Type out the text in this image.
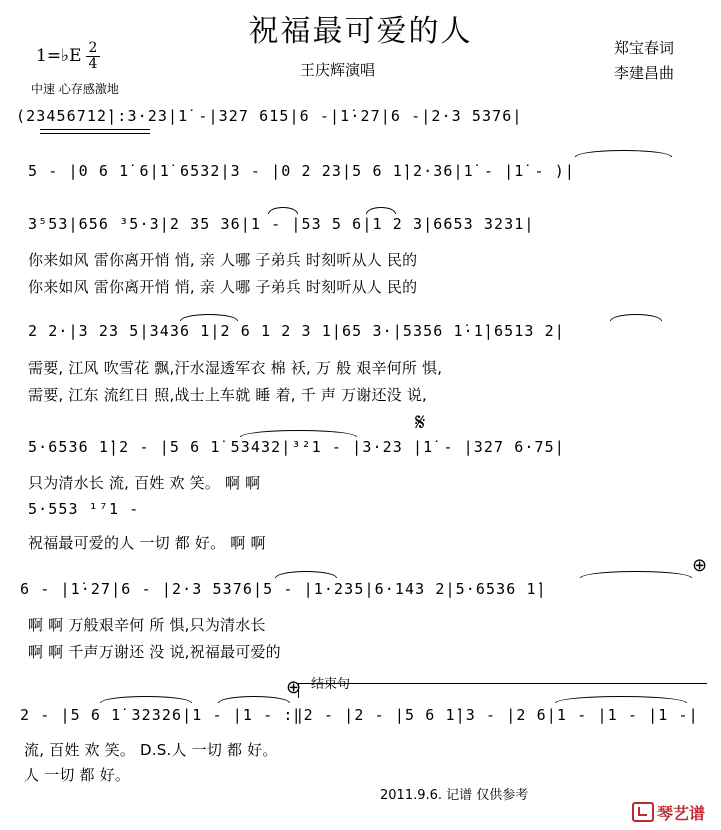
祝福最可爱的人
王庆辉演唱
郑宝春词
李建昌曲
1=♭E 2
4
中速 心存感激地
(2345671̇2̇|:3·23|1̇ -|327 615|6 -|1̇·27|6 -|2·3 5376|
5 - |0 6 1̇ 6|1̇ 6532|3 - |0 2 23|5 6 1̇|2·36|1̇ - |1̇ - )|
3⁵53|656 ³5·3|2 35 36|1 - |53 5 6|1 2 3|6653 3231|
你来如风 雷你离开悄 悄, 亲 人哪 子弟兵 时刻听从人 民的
你来如风 雷你离开悄 悄, 亲 人哪 子弟兵 时刻听从人 民的
2 2·|3 23 5|3436 1|2 6 1 2 3 1|65 3·|5356 1̇·1̇|6513 2|
需要, 江风 吹雪花 飘,汗水湿透军衣 棉 袄, 万 般 艰辛何所 惧,
需要, 江东 流红日 照,战士上车就 睡 着, 千 声 万谢还没 说,
𝄋
5·6536 1̇|2 - |5 6 1̇ 53432|³²1 - |3·23 |1̇ - |327 6·75|
只为清水长 流, 百姓 欢 笑。 啊 啊
5·553 ¹⁷1 -
祝福最可爱的人 一切 都 好。 啊 啊
⊕
6 - |1̇·27|6 - |2·3 5376|5 - |1·235|6·143 2|5·6536 1̇|
啊 啊 万般艰辛何 所 惧,只为清水长
啊 啊 千声万谢还 没 说,祝福最可爱的
⊕ 结束句
2 - |5 6 1̇ 32326|1 - |1 - :‖2 - |2 - |5 6 1̇|3 - |2 6|1 - |1 - |1 -|
流, 百姓 欢 笑。 D.S.人 一切 都 好。
人 一切 都 好。
2011.9.6. 记谱 仅供参考
琴艺谱
